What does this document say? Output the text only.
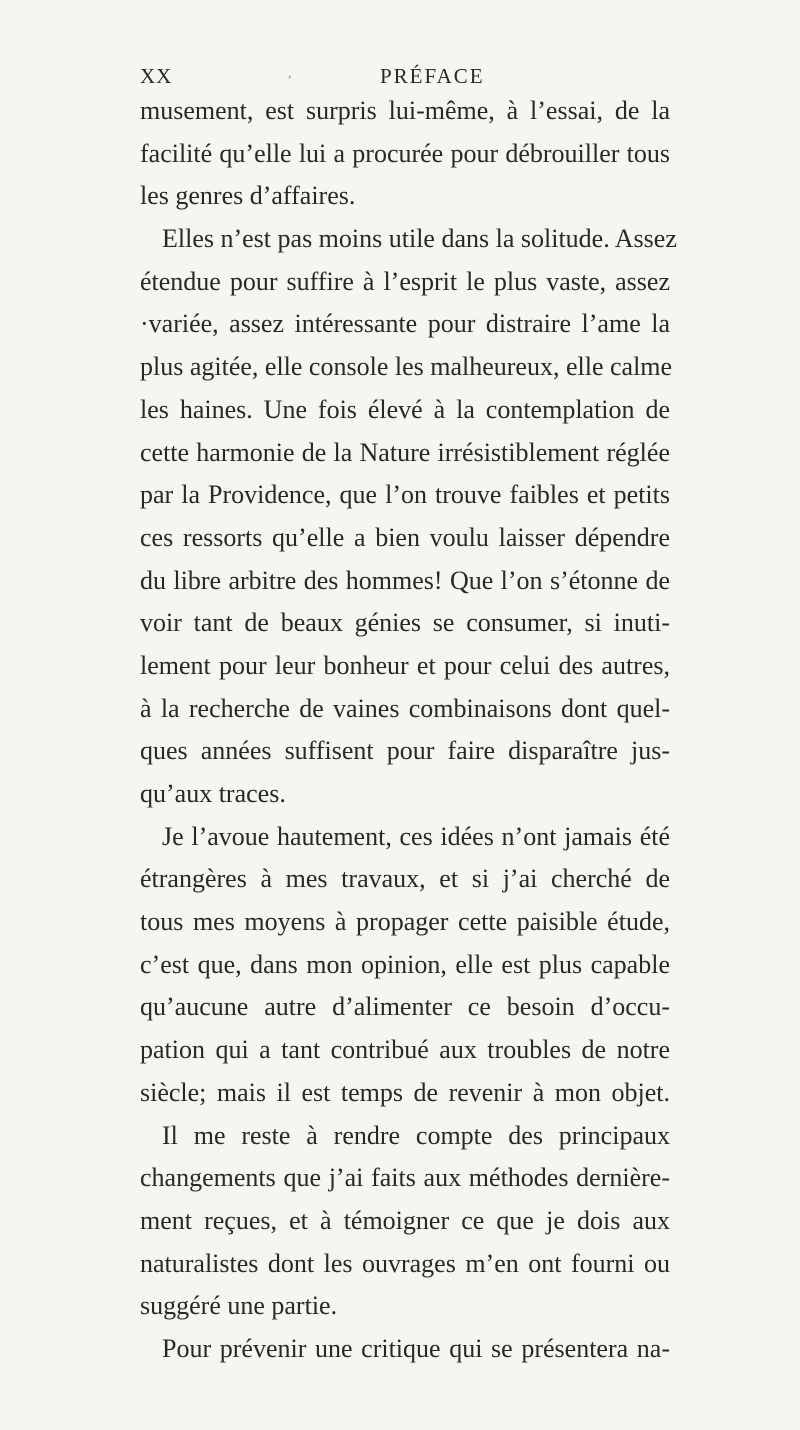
XX	,	PRÉFACE
musement, est surpris lui-même, à l’essai, de la
facilité qu’elle lui a procurée pour débrouiller tous
les genres d’affaires.
Elles n’est pas moins utile dans la solitude. Assez
étendue pour suffire à l’esprit le plus vaste, assez
·variée, assez intéressante pour distraire l’ame la
plus agitée, elle console les malheureux, elle calme
les haines. Une fois élevé à la contemplation de
cette harmonie de la Nature irrésistiblement réglée
par la Providence, que l’on trouve faibles et petits
ces ressorts qu’elle a bien voulu laisser dépendre
du libre arbitre des hommes! Que l’on s’étonne de
voir tant de beaux génies se consumer, si inuti-
lement pour leur bonheur et pour celui des autres,
à la recherche de vaines combinaisons dont quel-
ques années suffisent pour faire disparaître jus-
qu’aux traces.
Je l’avoue hautement, ces idées n’ont jamais été
étrangères à mes travaux, et si j’ai cherché de
tous mes moyens à propager cette paisible étude,
c’est que, dans mon opinion, elle est plus capable
qu’aucune autre d’alimenter ce besoin d’occu-
pation qui a tant contribué aux troubles de notre
siècle; mais il est temps de revenir à mon objet.
Il me reste à rendre compte des principaux
changements que j’ai faits aux méthodes dernière-
ment reçues, et à témoigner ce que je dois aux
naturalistes dont les ouvrages m’en ont fourni ou
suggéré une partie.
Pour prévenir une critique qui se présentera na-
